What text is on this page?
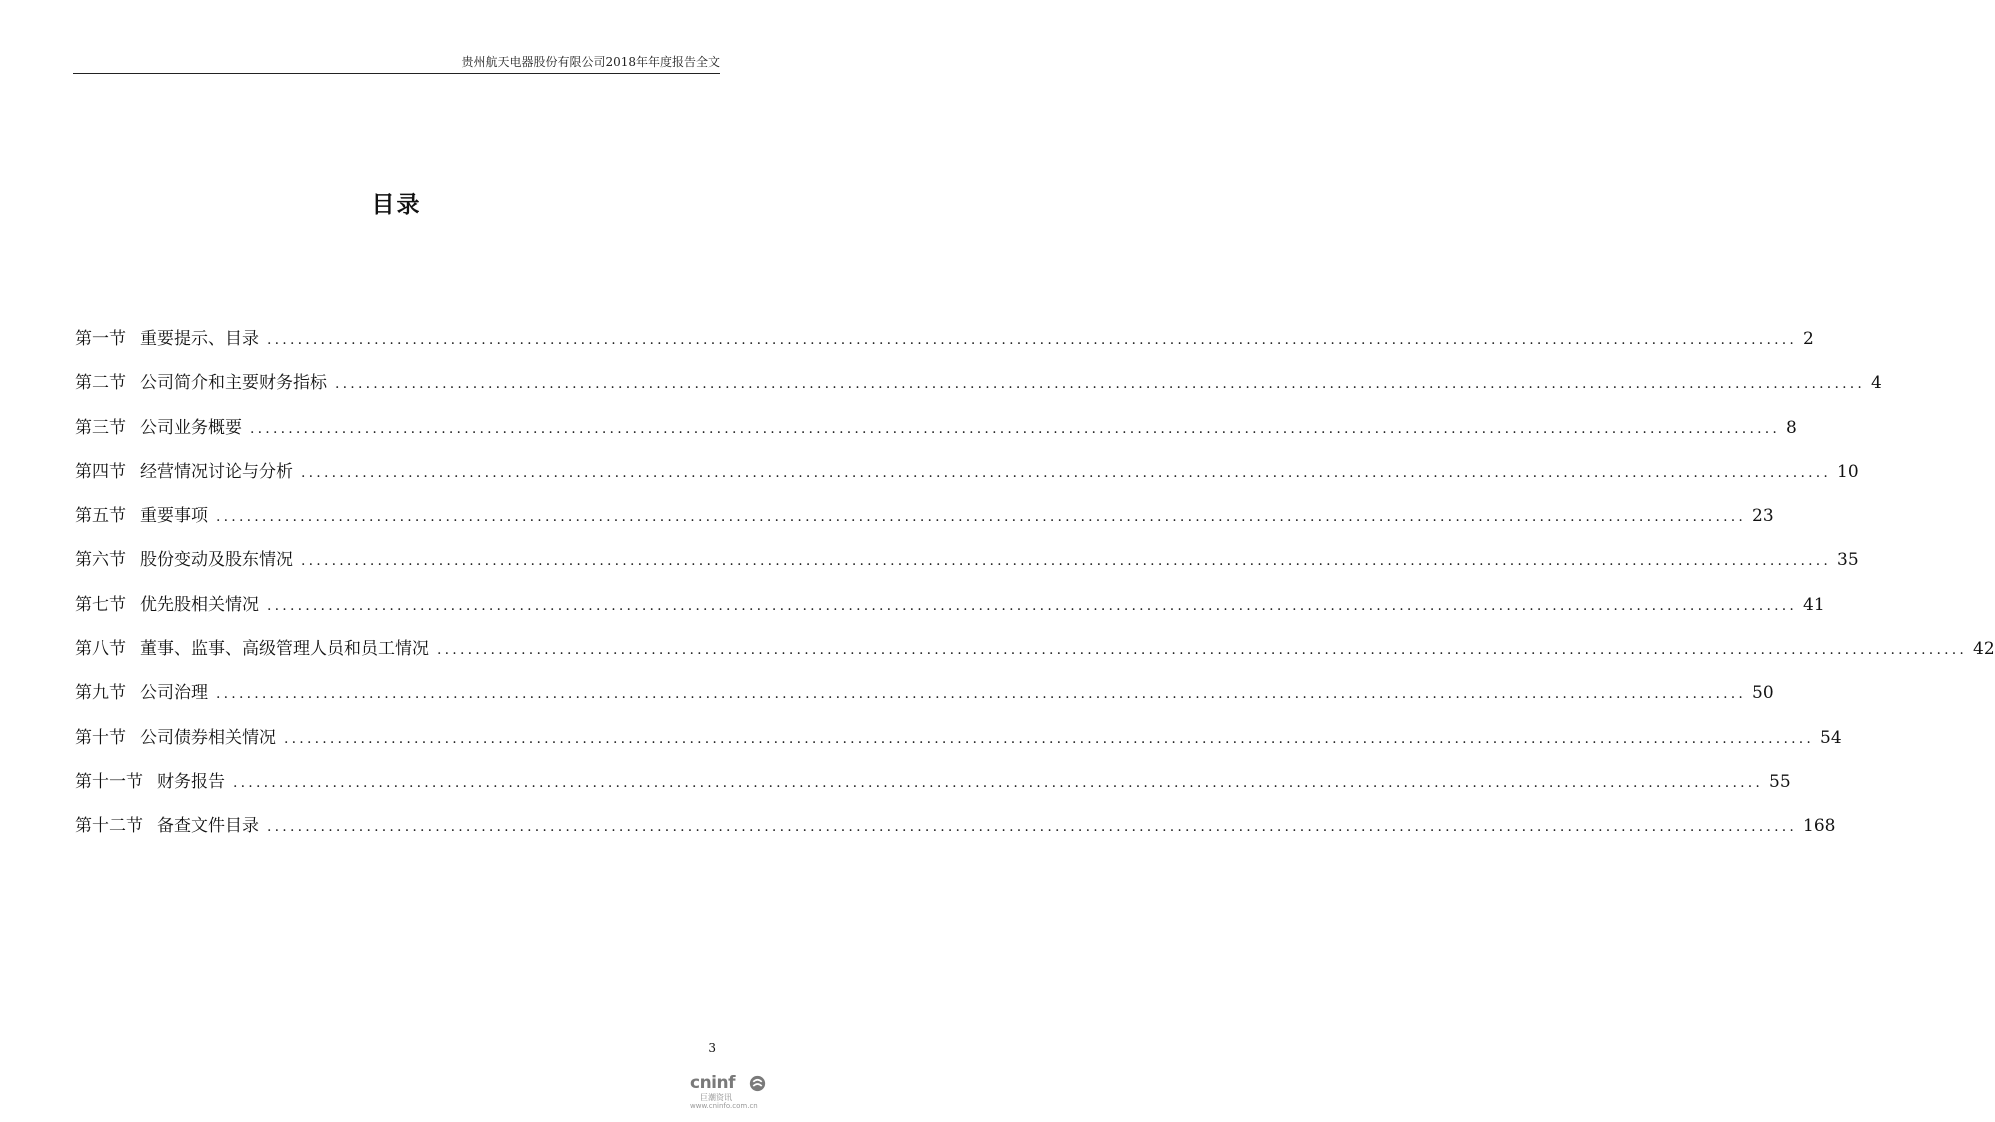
贵州航天电器股份有限公司2018年年度报告全文
目录
第一节 重要提示、目录 ........................................................................................................................................................................................................ 2
第二节 公司简介和主要财务指标 ........................................................................................................................................................................................................ 4
第三节 公司业务概要 ........................................................................................................................................................................................................ 8
第四节 经营情况讨论与分析 ........................................................................................................................................................................................................ 10
第五节 重要事项 ........................................................................................................................................................................................................ 23
第六节 股份变动及股东情况 ........................................................................................................................................................................................................ 35
第七节 优先股相关情况 ........................................................................................................................................................................................................ 41
第八节 董事、监事、高级管理人员和员工情况 ........................................................................................................................................................................................................ 42
第九节 公司治理 ........................................................................................................................................................................................................ 50
第十节 公司债券相关情况 ........................................................................................................................................................................................................ 54
第十一节 财务报告 ........................................................................................................................................................................................................ 55
第十二节 备查文件目录 ........................................................................................................................................................................................................ 168
3
cninf
巨潮资讯
www.cninfo.com.cn
